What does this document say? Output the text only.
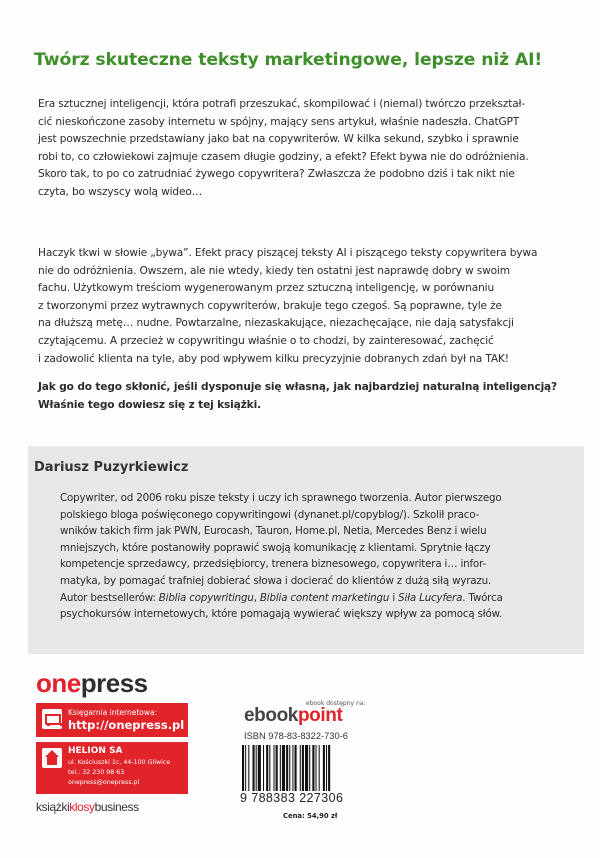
Twórz skuteczne teksty marketingowe, lepsze niż AI!
Era sztucznej inteligencji, która potrafi przeszukać, skompilować i (niemal) twórczo przekształ-
cić nieskończone zasoby internetu w spójny, mający sens artykuł, właśnie nadeszła. ChatGPT
jest powszechnie przedstawiany jako bat na copywriterów. W kilka sekund, szybko i sprawnie
robi to, co człowiekowi zajmuje czasem długie godziny, a efekt? Efekt bywa nie do odróżnienia.
Skoro tak, to po co zatrudniać żywego copywritera? Zwłaszcza że podobno dziś i tak nikt nie
czyta, bo wszyscy wolą wideo…
Haczyk tkwi w słowie „bywa”. Efekt pracy piszącej teksty AI i piszącego teksty copywritera bywa
nie do odróżnienia. Owszem, ale nie wtedy, kiedy ten ostatni jest naprawdę dobry w swoim
fachu. Użytkowym treściom wygenerowanym przez sztuczną inteligencję, w porównaniu
z tworzonymi przez wytrawnych copywriterów, brakuje tego czegoś. Są poprawne, tyle że
na dłuższą metę… nudne. Powtarzalne, niezaskakujące, niezachęcające, nie dają satysfakcji
czytającemu. A przecież w copywritingu właśnie o to chodzi, by zainteresować, zachęcić
i zadowolić klienta na tyle, aby pod wpływem kilku precyzyjnie dobranych zdań był na TAK!
Jak go do tego skłonić, jeśli dysponuje się własną, jak najbardziej naturalną inteligencją?
Właśnie tego dowiesz się z tej książki.
Dariusz Puzyrkiewicz
Copywriter, od 2006 roku pisze teksty i uczy ich sprawnego tworzenia. Autor pierwszego
polskiego bloga poświęconego copywritingowi (dynanet.pl/copyblog/). Szkolił praco-
wników takich firm jak PWN, Eurocash, Tauron, Home.pl, Netia, Mercedes Benz i wielu
mniejszych, które postanowiły poprawić swoją komunikację z klientami. Sprytnie łączy
kompetencje sprzedawcy, przedsiębiorcy, trenera biznesowego, copywritera i… infor-
matyka, by pomagać trafniej dobierać słowa i docierać do klientów z dużą siłą wyrazu.
Autor bestsellerów: Biblia copywritingu, Biblia content marketingu i Siła Lucyfera. Twórca
psychokursów internetowych, które pomagają wywierać większy wpływ za pomocą słów.
onepress
Księgarnia internetowa:
http://onepress.pl
HELION SA
ul. Kościuszki 1c, 44-100 Gliwice
tel.: 32 230 98 63
onepress@onepress.pl
książkiklosybusiness
ebook dostępny na:
ebookpoint
ISBN 978-83-8322-730-6
9 788383 227306
Cena: 54,90 zł
